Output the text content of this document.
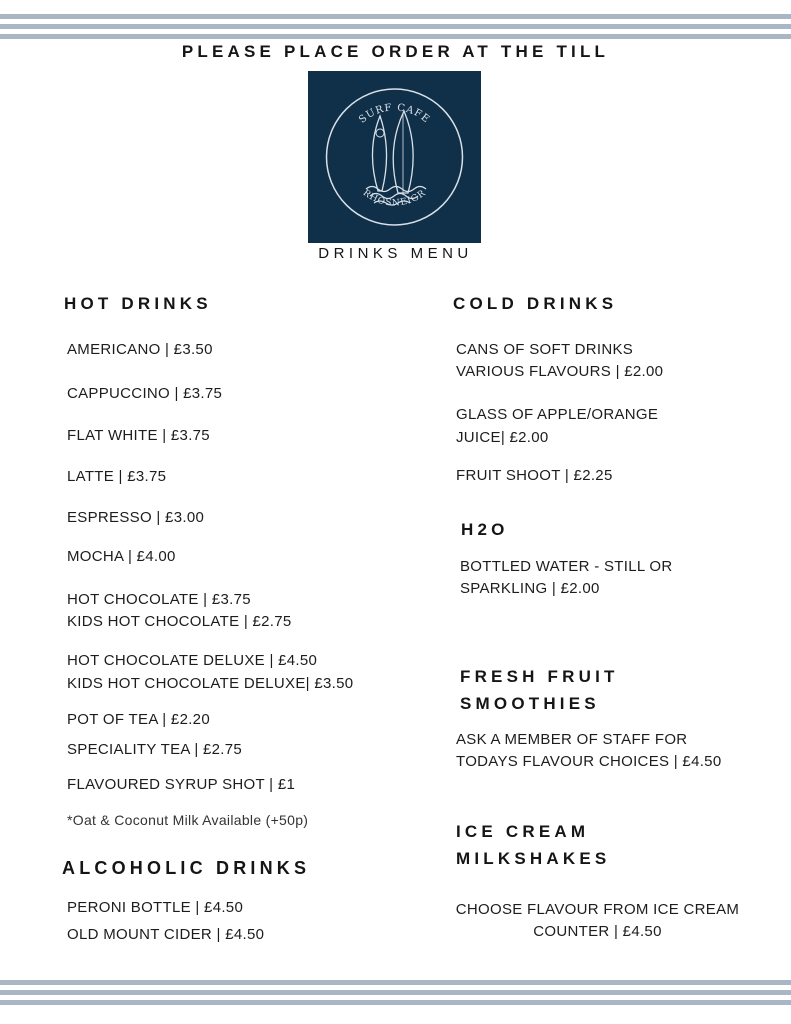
PLEASE PLACE ORDER AT THE TILL
SURF CAFE
RHOSNEIGR
DRINKS MENU
HOT DRINKS
AMERICANO | £3.50
CAPPUCCINO | £3.75
FLAT WHITE | £3.75
LATTE | £3.75
ESPRESSO | £3.00
MOCHA | £4.00
HOT CHOCOLATE | £3.75
KIDS HOT CHOCOLATE | £2.75
HOT CHOCOLATE DELUXE | £4.50
KIDS HOT CHOCOLATE DELUXE| £3.50
POT OF TEA | £2.20
SPECIALITY TEA | £2.75
FLAVOURED SYRUP SHOT | £1
*Oat & Coconut Milk Available (+50p)
ALCOHOLIC DRINKS
PERONI BOTTLE | £4.50
OLD MOUNT CIDER | £4.50
COLD DRINKS
CANS OF SOFT DRINKS
VARIOUS FLAVOURS | £2.00
GLASS OF APPLE/ORANGE
JUICE| £2.00
FRUIT SHOOT | £2.25
H2O
BOTTLED WATER - STILL OR
SPARKLING | £2.00
FRESH FRUIT
SMOOTHIES
ASK A MEMBER OF STAFF FOR
TODAYS FLAVOUR CHOICES | £4.50
ICE CREAM
MILKSHAKES
CHOOSE FLAVOUR FROM ICE CREAM
COUNTER | £4.50
